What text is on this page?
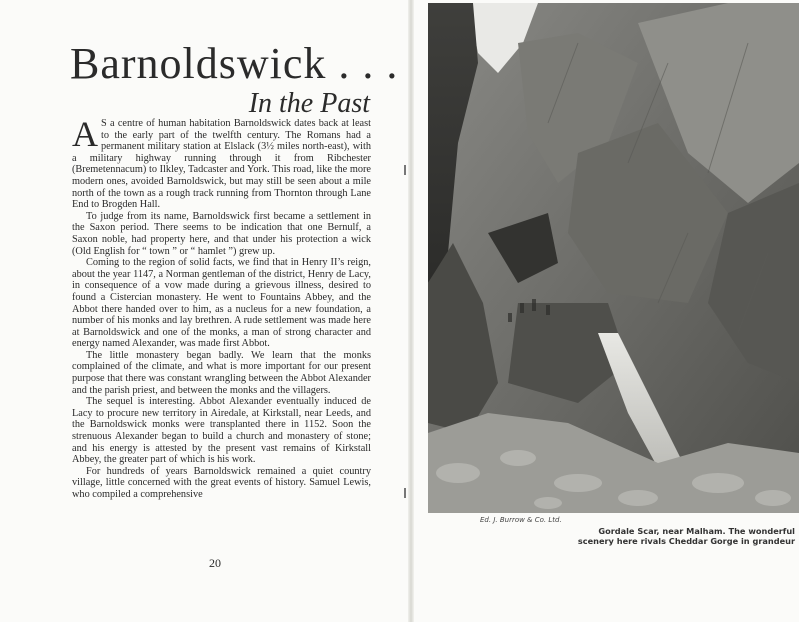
Barnoldswick . . .
In the Past

A S a centre of human habitation Barnoldswick dates back at least to the early part of the twelfth century. The Romans had a permanent military station at Elslack (3½ miles north-east), with a military highway running through it from Ribchester (Bremetennacum) to Ilkley, Tadcaster and York. This road, like the more modern ones, avoided Barnoldswick, but may still be seen about a mile north of the town as a rough track running from Thornton through Lane End to Brogden Hall.

To judge from its name, Barnoldswick first became a settlement in the Saxon period. There seems to be indication that one Bernulf, a Saxon noble, had property here, and that under his protection a wick (Old English for “ town ” or “ hamlet ”) grew up.

Coming to the region of solid facts, we find that in Henry II’s reign, about the year 1147, a Norman gentleman of the district, Henry de Lacy, in consequence of a vow made during a grievous illness, desired to found a Cistercian monastery. He went to Fountains Abbey, and the Abbot there handed over to him, as a nucleus for a new foundation, a number of his monks and lay brethren. A rude settlement was made here at Barnoldswick and one of the monks, a man of strong character and energy named Alexander, was made first Abbot.

The little monastery began badly. We learn that the monks complained of the climate, and what is more important for our present purpose that there was constant wrangling between the Abbot Alexander and the parish priest, and between the monks and the villagers.

The sequel is interesting. Abbot Alexander eventually induced de Lacy to procure new territory in Airedale, at Kirkstall, near Leeds, and the Barnoldswick monks were transplanted there in 1152. Soon the strenuous Alexander began to build a church and monastery of stone; and his energy is attested by the present vast remains of Kirkstall Abbey, the greater part of which is his work.

For hundreds of years Barnoldswick remained a quiet country village, little concerned with the great events of history. Samuel Lewis, who compiled a comprehensive

20
Ed. J. Burrow & Co. Ltd.
Gordale Scar, near Malham. The wonderful
scenery here rivals Cheddar Gorge in grandeur
